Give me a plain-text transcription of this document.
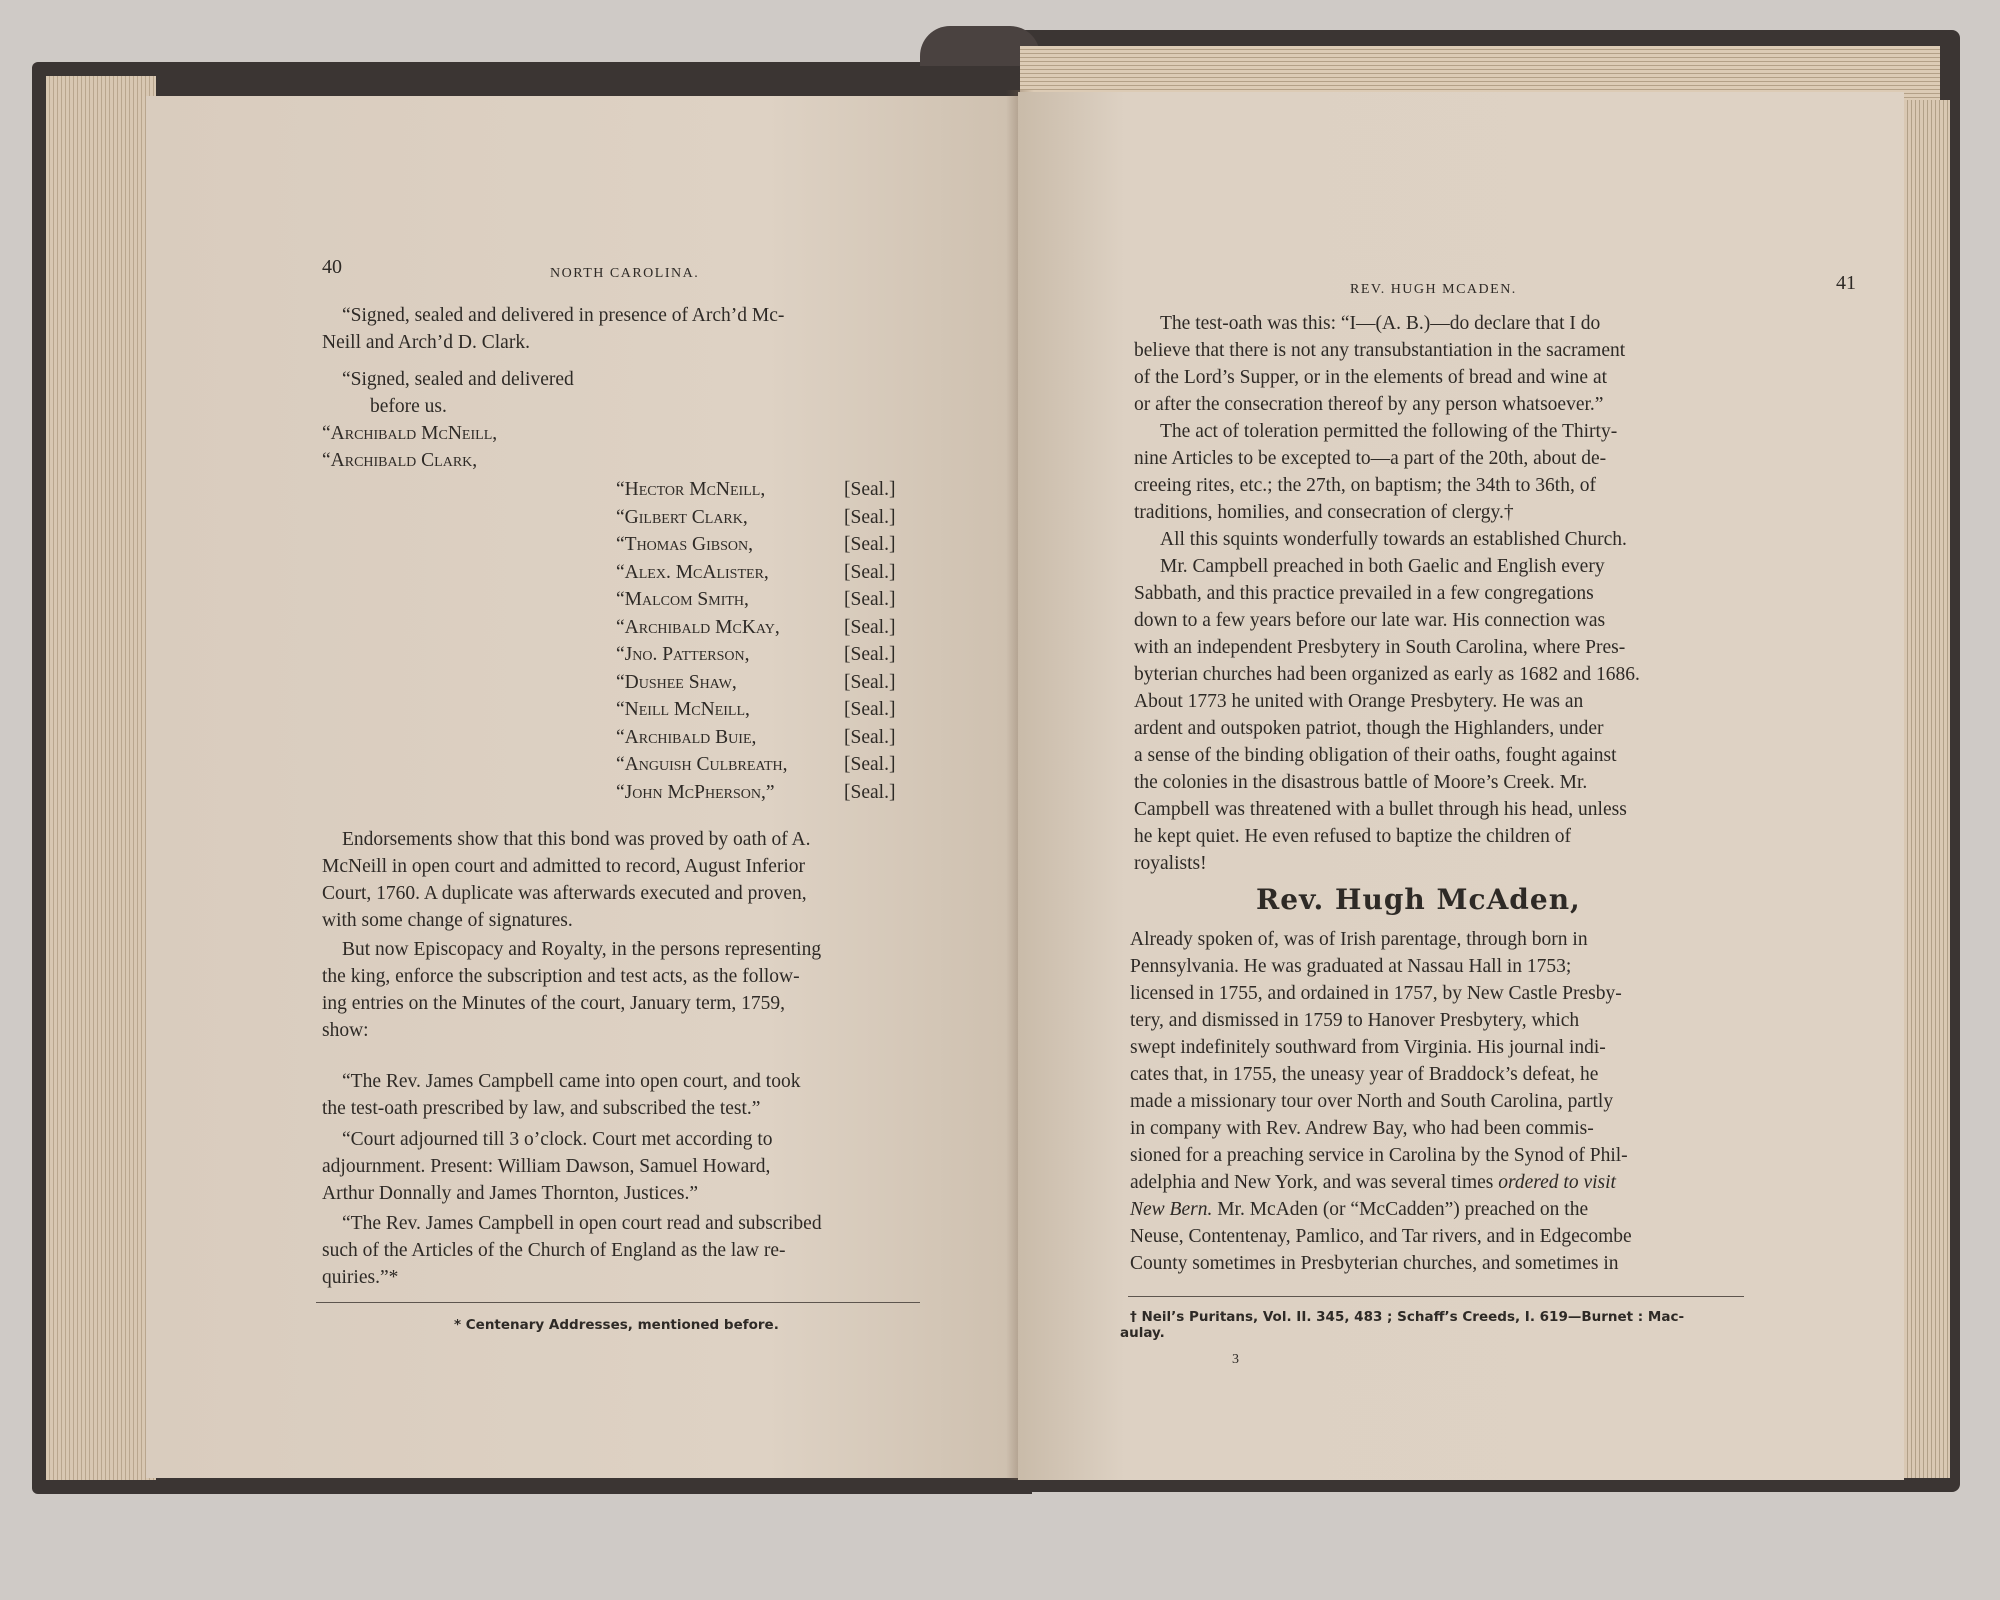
40	NORTH CAROLINA.
“Signed, sealed and delivered in presence of Arch’d Mc-
Neill and Arch’d D. Clark.
“Signed, sealed and delivered
before us.
“Archibald McNeill,
“Archibald Clark,
“Hector McNeill,	[Seal.]
“Gilbert Clark,	[Seal.]
“Thomas Gibson,	[Seal.]
“Alex. McAlister,	[Seal.]
“Malcom Smith,	[Seal.]
“Archibald McKay,	[Seal.]
“Jno. Patterson,	[Seal.]
“Dushee Shaw,	[Seal.]
“Neill McNeill,	[Seal.]
“Archibald Buie,	[Seal.]
“Anguish Culbreath,	[Seal.]
“John McPherson,”	[Seal.]
Endorsements show that this bond was proved by oath of A.
McNeill in open court and admitted to record, August Inferior
Court, 1760. A duplicate was afterwards executed and proven,
with some change of signatures.
But now Episcopacy and Royalty, in the persons representing
the king, enforce the subscription and test acts, as the follow-
ing entries on the Minutes of the court, January term, 1759,
show:
“The Rev. James Campbell came into open court, and took
the test-oath prescribed by law, and subscribed the test.”
“Court adjourned till 3 o’clock. Court met according to
adjournment. Present: William Dawson, Samuel Howard,
Arthur Donnally and James Thornton, Justices.”
“The Rev. James Campbell in open court read and subscribed
such of the Articles of the Church of England as the law re-
quiries.”*
* Centenary Addresses, mentioned before.
REV. HUGH MCADEN.	41
The test-oath was this: “I—(A. B.)—do declare that I do
believe that there is not any transubstantiation in the sacrament
of the Lord’s Supper, or in the elements of bread and wine at
or after the consecration thereof by any person whatsoever.”
The act of toleration permitted the following of the Thirty-
nine Articles to be excepted to—a part of the 20th, about de-
creeing rites, etc.; the 27th, on baptism; the 34th to 36th, of
traditions, homilies, and consecration of clergy.†
All this squints wonderfully towards an established Church.
Mr. Campbell preached in both Gaelic and English every
Sabbath, and this practice prevailed in a few congregations
down to a few years before our late war. His connection was
with an independent Presbytery in South Carolina, where Pres-
byterian churches had been organized as early as 1682 and 1686.
About 1773 he united with Orange Presbytery. He was an
ardent and outspoken patriot, though the Highlanders, under
a sense of the binding obligation of their oaths, fought against
the colonies in the disastrous battle of Moore’s Creek. Mr.
Campbell was threatened with a bullet through his head, unless
he kept quiet. He even refused to baptize the children of
royalists!
Rev. Hugh McAden,
Already spoken of, was of Irish parentage, through born in
Pennsylvania. He was graduated at Nassau Hall in 1753;
licensed in 1755, and ordained in 1757, by New Castle Presby-
tery, and dismissed in 1759 to Hanover Presbytery, which
swept indefinitely southward from Virginia. His journal indi-
cates that, in 1755, the uneasy year of Braddock’s defeat, he
made a missionary tour over North and South Carolina, partly
in company with Rev. Andrew Bay, who had been commis-
sioned for a preaching service in Carolina by the Synod of Phil-
adelphia and New York, and was several times ordered to visit
New Bern. Mr. McAden (or “McCadden”) preached on the
Neuse, Contentenay, Pamlico, and Tar rivers, and in Edgecombe
County sometimes in Presbyterian churches, and sometimes in
† Neil’s Puritans, Vol. II. 345, 483 ; Schaff’s Creeds, I. 619—Burnet : Mac-
aulay.
3
